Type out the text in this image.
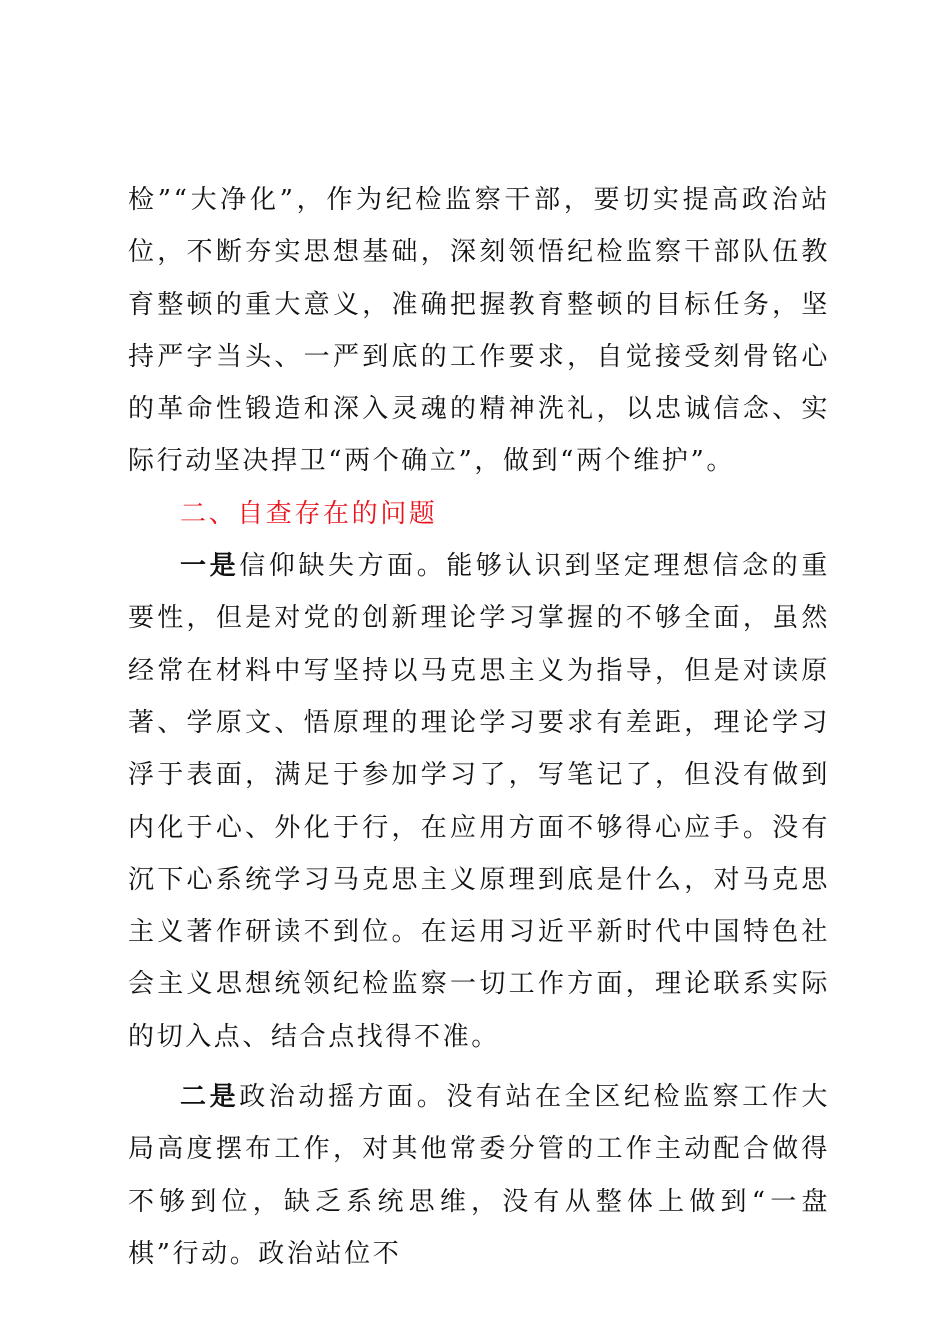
检”“大净化”，作为纪检监察干部，要切实提高政治站位，不断夯实思想基础，深刻领悟纪检监察干部队伍教育整顿的重大意义，准确把握教育整顿的目标任务，坚持严字当头、一严到底的工作要求，自觉接受刻骨铭心的革命性锻造和深入灵魂的精神洗礼，以忠诚信念、实际行动坚决捍卫“两个确立”，做到“两个维护”。

二、自查存在的问题

一是信仰缺失方面。能够认识到坚定理想信念的重要性，但是对党的创新理论学习掌握的不够全面，虽然经常在材料中写坚持以马克思主义为指导，但是对读原著、学原文、悟原理的理论学习要求有差距，理论学习浮于表面，满足于参加学习了，写笔记了，但没有做到内化于心、外化于行，在应用方面不够得心应手。没有沉下心系统学习马克思主义原理到底是什么，对马克思主义著作研读不到位。在运用习近平新时代中国特色社会主义思想统领纪检监察一切工作方面，理论联系实际的切入点、结合点找得不准。

二是政治动摇方面。没有站在全区纪检监察工作大局高度摆布工作，对其他常委分管的工作主动配合做得不够到位，缺乏系统思维，没有从整体上做到“一盘棋”行动。政治站位不
